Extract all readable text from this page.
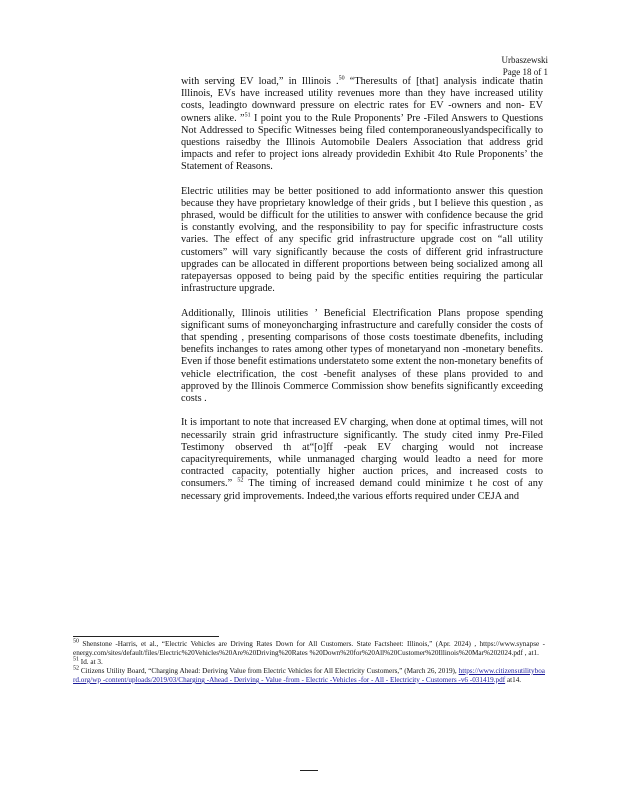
Urbaszewski
Page 18 of 1

with serving EV load,” in Illinois .$^{50}$ “Theresults of [that] analysis indicate thatin Illinois, EVs have increased utility revenues more than they have increased utility costs, leadingto downward pressure on electric rates for EV -owners and non- EV owners alike. ”$^{51}$ I point you to the Rule Proponents’ Pre -Filed Answers to Questions Not Addressed to Specific Witnesses being filed contemporaneouslyandspecifically to questions raisedby the Illinois Automobile Dealers Association that address grid impacts and refer to project ions already providedin Exhibit 4to Rule Proponents’ the Statement of Reasons.

Electric utilities may be better positioned to add informationto answer this question because they have proprietary knowledge of their grids , but I believe this question , as phrased, would be difficult for the utilities to answer with confidence because the grid is constantly evolving, and the responsibility to pay for specific infrastructure costs varies. The effect of any specific grid infrastructure upgrade cost on “all utility customers” will vary significantly because the costs of different grid infrastructure upgrades can be allocated in different proportions between being socialized among all ratepayersas opposed to being paid by the specific entities requiring the particular infrastructure upgrade.

Additionally, Illinois utilities ’ Beneficial Electrification Plans propose spending significant sums of moneyoncharging infrastructure and carefully consider the costs of that spending , presenting comparisons of those costs toestimate dbenefits, including benefits inchanges to rates among other types of monetaryand non -monetary benefits. Even if those benefit estimations understateto some extent the non-monetary benefits of vehicle electrification, the cost -benefit analyses of these plans provided to and approved by the Illinois Commerce Commission show benefits significantly exceeding costs .

It is important to note that increased EV charging, when done at optimal times, will not necessarily strain grid infrastructure significantly. The study cited inmy Pre-Filed Testimony observed th at“[o]ff -peak EV charging would not increase capacityrequirements, while unmanaged charging would leadto a need for more contracted capacity, potentially higher auction prices, and increased costs to consumers.” $^{52}$ The timing of increased demand could minimize t he cost of any necessary grid improvements. Indeed,the various efforts required under CEJA and

$^{50}$ Shenstone -Harris, et al., “Electric Vehicles are Driving Rates Down for All Customers. State Factsheet: Illinois,” (Apr. 2024) , https://www.synapse -energy.com/sites/default/files/Electric%20Vehicles%20Are%20Driving%20Rates %20Down%20for%20All%20Customer%20Illinois%20Mar%202024.pdf , at1.

$^{51}$ Id. at 3.

$^{52}$ Citizens Utility Board, “Charging Ahead: Deriving Value from Electric Vehicles for All Electricity Customers,” (March 26, 2019), https://www.citizensutilityboard.org/wp -content/uploads/2019/03/Charging -Ahead - Deriving - Value -from - Electric -Vehicles -for - All - Electricity - Customers -v6 -031419.pdf at14.
